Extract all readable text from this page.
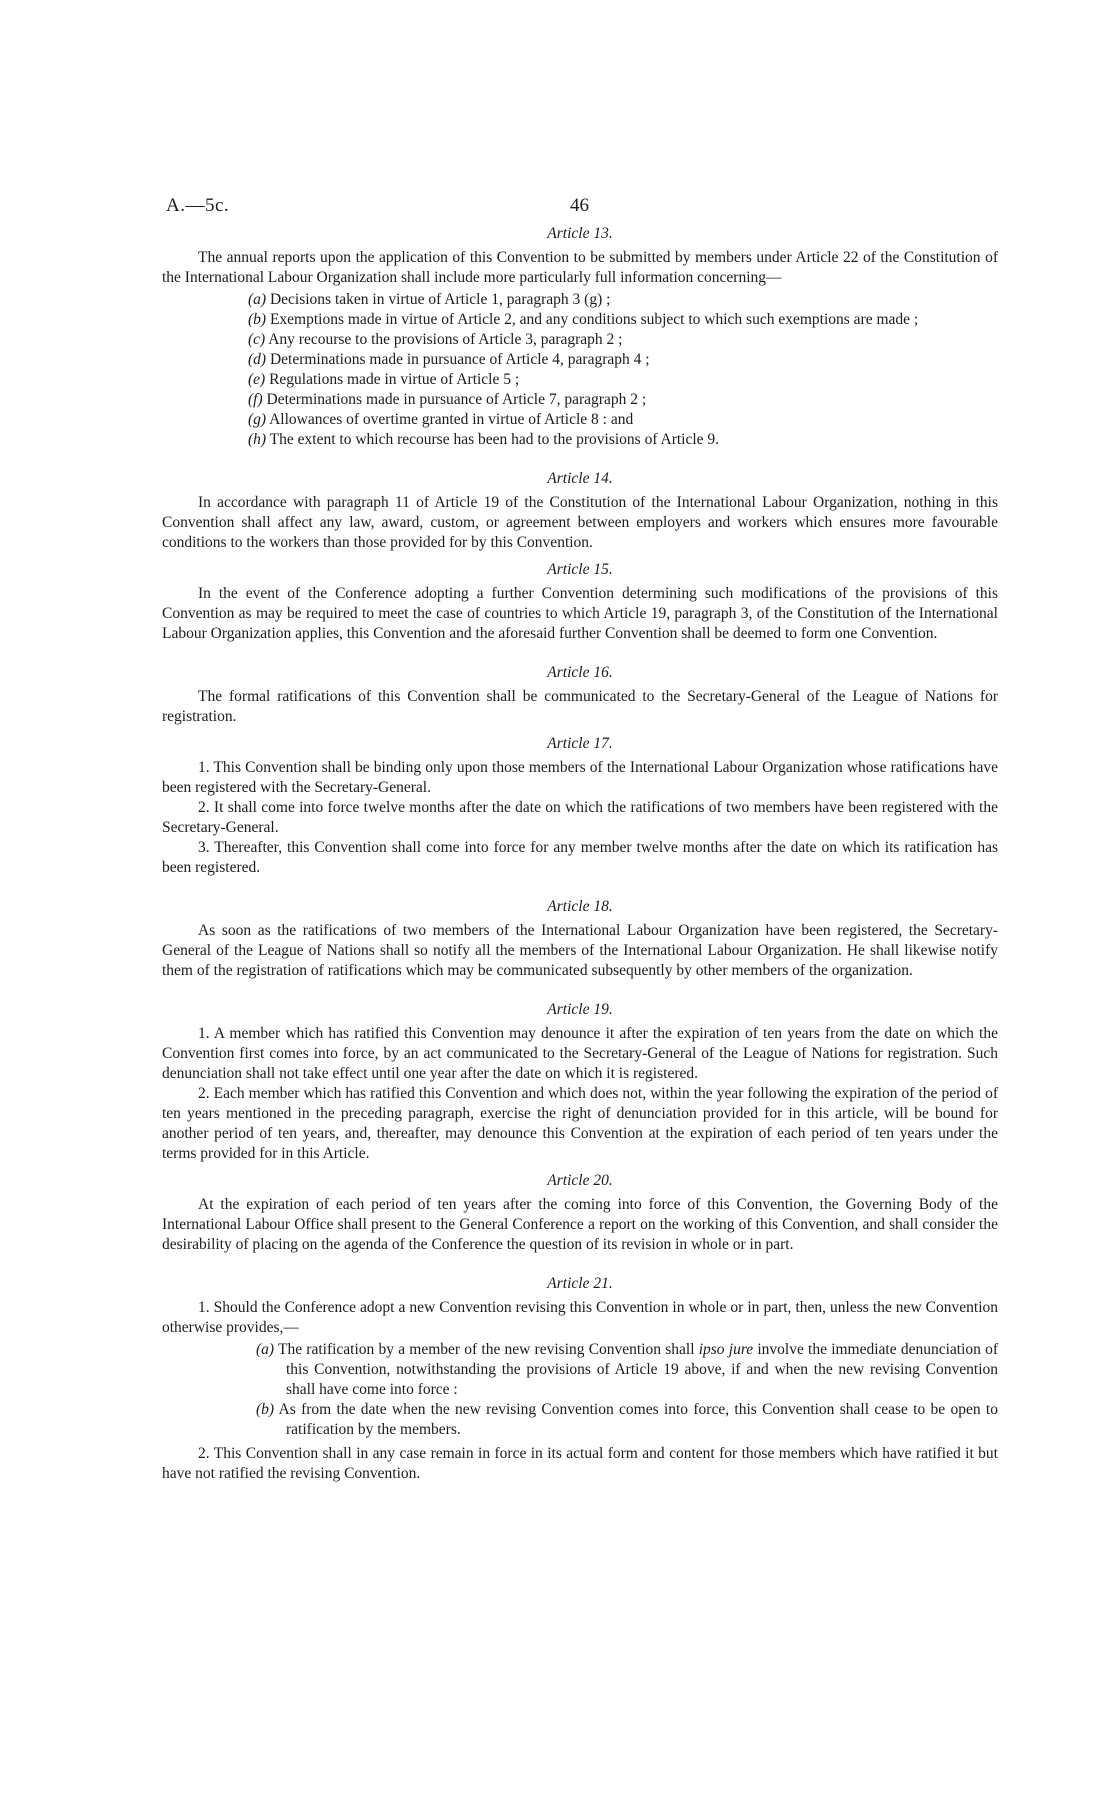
A.—5c.	46
Article 13.

The annual reports upon the application of this Convention to be submitted by members under Article 22 of the Constitution of the International Labour Organization shall include more particularly full information concerning—

(a) Decisions taken in virtue of Article 1, paragraph 3 (g) ;
(b) Exemptions made in virtue of Article 2, and any conditions subject to which such exemptions are made ;
(c) Any recourse to the provisions of Article 3, paragraph 2 ;
(d) Determinations made in pursuance of Article 4, paragraph 4 ;
(e) Regulations made in virtue of Article 5 ;
(f) Determinations made in pursuance of Article 7, paragraph 2 ;
(g) Allowances of overtime granted in virtue of Article 8 : and
(h) The extent to which recourse has been had to the provisions of Article 9.
Article 14.

In accordance with paragraph 11 of Article 19 of the Constitution of the International Labour Organization, nothing in this Convention shall affect any law, award, custom, or agreement between employers and workers which ensures more favourable conditions to the workers than those provided for by this Convention.

Article 15.

In the event of the Conference adopting a further Convention determining such modifications of the provisions of this Convention as may be required to meet the case of countries to which Article 19, paragraph 3, of the Constitution of the International Labour Organization applies, this Convention and the aforesaid further Convention shall be deemed to form one Convention.

Article 16.

The formal ratifications of this Convention shall be communicated to the Secretary-General of the League of Nations for registration.

Article 17.

1. This Convention shall be binding only upon those members of the International Labour Organization whose ratifications have been registered with the Secretary-General.

2. It shall come into force twelve months after the date on which the ratifications of two members have been registered with the Secretary-General.

3. Thereafter, this Convention shall come into force for any member twelve months after the date on which its ratification has been registered.

Article 18.

As soon as the ratifications of two members of the International Labour Organization have been registered, the Secretary-General of the League of Nations shall so notify all the members of the International Labour Organization. He shall likewise notify them of the registration of ratifications which may be communicated subsequently by other members of the organization.

Article 19.

1. A member which has ratified this Convention may denounce it after the expiration of ten years from the date on which the Convention first comes into force, by an act communicated to the Secretary-General of the League of Nations for registration. Such denunciation shall not take effect until one year after the date on which it is registered.

2. Each member which has ratified this Convention and which does not, within the year following the expiration of the period of ten years mentioned in the preceding paragraph, exercise the right of denunciation provided for in this article, will be bound for another period of ten years, and, thereafter, may denounce this Convention at the expiration of each period of ten years under the terms provided for in this Article.

Article 20.

At the expiration of each period of ten years after the coming into force of this Convention, the Governing Body of the International Labour Office shall present to the General Conference a report on the working of this Convention, and shall consider the desirability of placing on the agenda of the Conference the question of its revision in whole or in part.

Article 21.

1. Should the Conference adopt a new Convention revising this Convention in whole or in part, then, unless the new Convention otherwise provides,—

(a) The ratification by a member of the new revising Convention shall ipso jure involve the immediate denunciation of this Convention, notwithstanding the provisions of Article 19 above, if and when the new revising Convention shall have come into force :
(b) As from the date when the new revising Convention comes into force, this Convention shall cease to be open to ratification by the members.

2. This Convention shall in any case remain in force in its actual form and content for those members which have ratified it but have not ratified the revising Convention.
